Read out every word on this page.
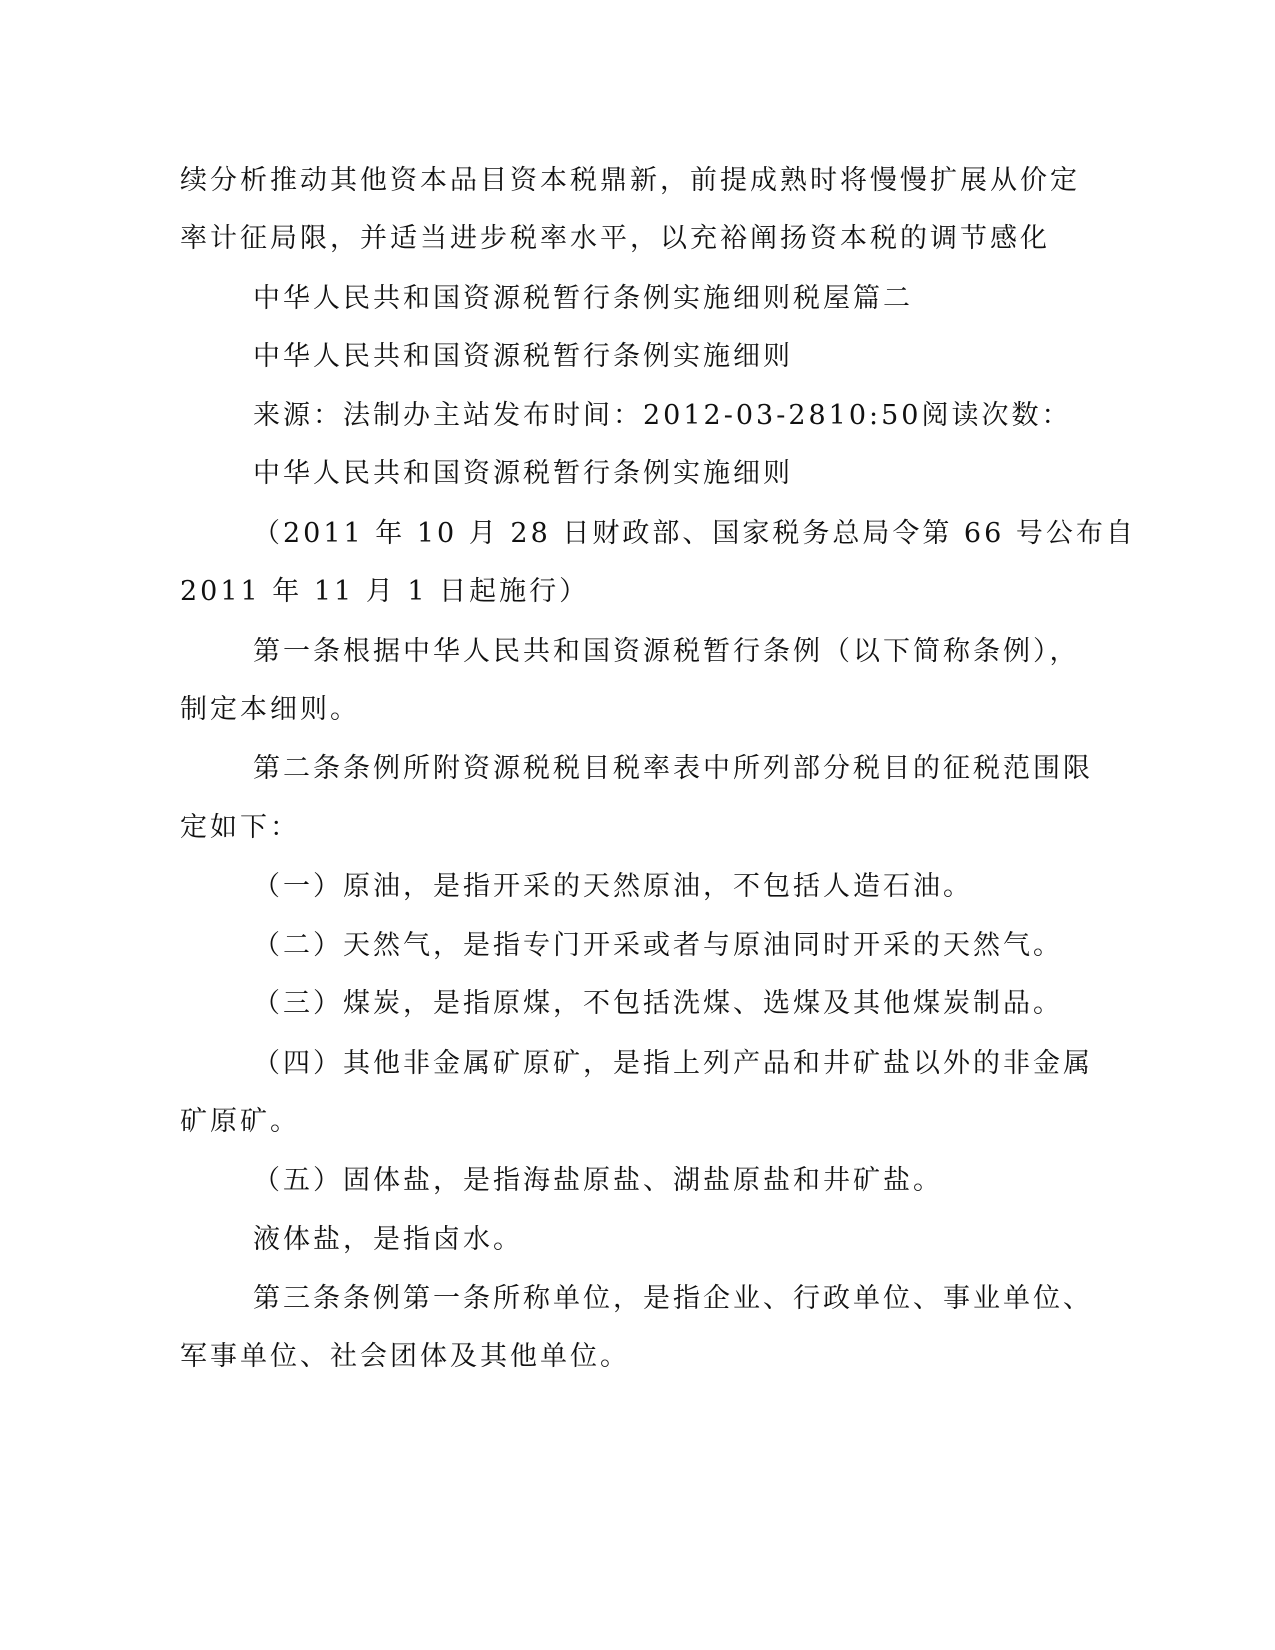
续分析推动其他资本品目资本税鼎新，前提成熟时将慢慢扩展从价定
率计征局限，并适当进步税率水平，以充裕阐扬资本税的调节感化
中华人民共和国资源税暂行条例实施细则税屋篇二
中华人民共和国资源税暂行条例实施细则
来源：法制办主站发布时间：2012-03-2810:50阅读次数：
中华人民共和国资源税暂行条例实施细则
（2011 年 10 月 28 日财政部、国家税务总局令第 66 号公布自
2011 年 11 月 1 日起施行）
第一条根据中华人民共和国资源税暂行条例（以下简称条例），
制定本细则。
第二条条例所附资源税税目税率表中所列部分税目的征税范围限
定如下：
（一）原油，是指开采的天然原油，不包括人造石油。
（二）天然气，是指专门开采或者与原油同时开采的天然气。
（三）煤炭，是指原煤，不包括洗煤、选煤及其他煤炭制品。
（四）其他非金属矿原矿，是指上列产品和井矿盐以外的非金属
矿原矿。
（五）固体盐，是指海盐原盐、湖盐原盐和井矿盐。
液体盐，是指卤水。
第三条条例第一条所称单位，是指企业、行政单位、事业单位、
军事单位、社会团体及其他单位。
